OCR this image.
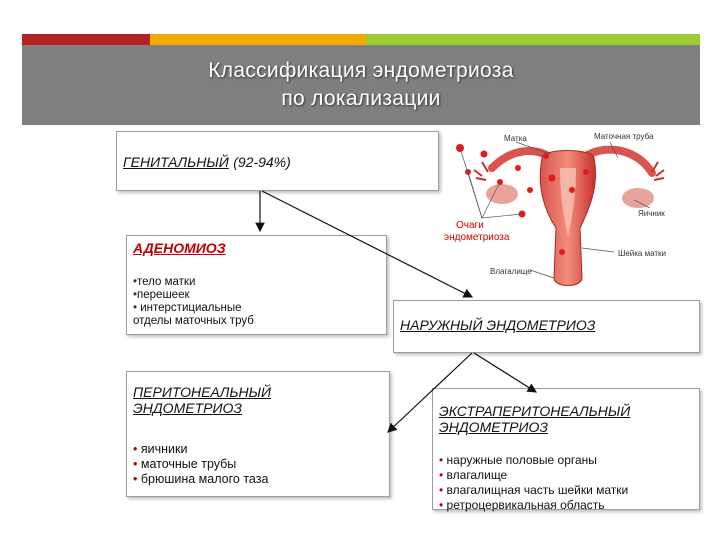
Классификация эндометриоза
по локализации
ГЕНИТАЛЬНЫЙ (92-94%)
АДЕНОМИОЗ
•тело матки
•перешеек
• интерстициальные
отделы маточных труб	НАРУЖНЫЙ ЭНДОМЕТРИОЗ
ПЕРИТОНЕАЛЬНЫЙ
ЭНДОМЕТРИОЗ
• яичники
• маточные трубы
• брюшина малого таза
ЭКСТРАПЕРИТОНЕАЛЬНЫЙ
ЭНДОМЕТРИОЗ
• наружные половые органы
• влагалище
• влагалищная часть шейки матки
• ретроцервикальная область
Матка	Маточная труба
Яичник
Очаги
эндометриоза
Шейка матки
Влагалище
